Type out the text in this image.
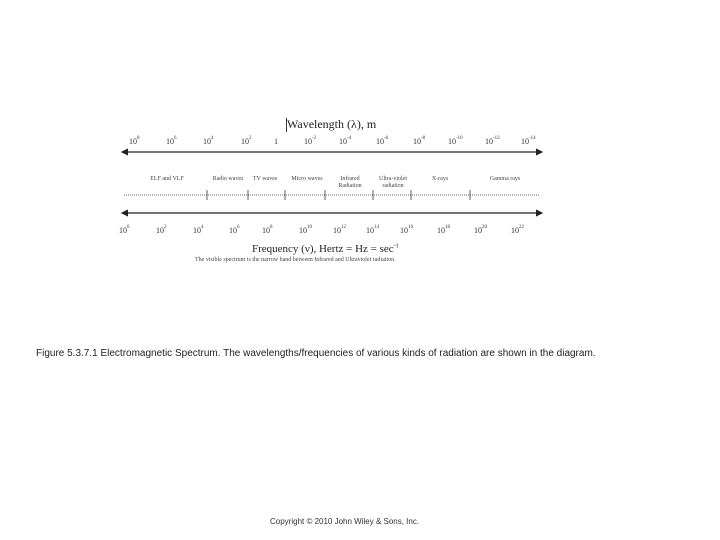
Wavelength (λ), m
$10^8$	$10^6$	$10^4$	$10^2$	1	$10^{-2}$	$10^{-4}$	$10^{-6}$	$10^{-8}$	$10^{-10}$	$10^{-12}$	$10^{-14}$
ELF and VLF	Radio waves TV waves Micro waves	Infrared Radiation
Ultra-violet radiation
X-rays	Gamma rays
$10^0$	$10^2$	$10^4$	$10^6$	$10^8$	$10^{10}$	$10^{12}$	$10^{14}$	$10^{16}$	$10^{18}$	$10^{20}$	$10^{22}$
Frequency (ν), Hertz = $Hz = \sec^{-1}$
The visible spectrum is the narrow band between Infrared and Ultraviolet radiation.
Figure 5.3.7.1 Electromagnetic Spectrum. The wavelengths/frequencies of various kinds of radiation are shown in the diagram.
Copyright © 2010 John Wiley & Sons, Inc.
